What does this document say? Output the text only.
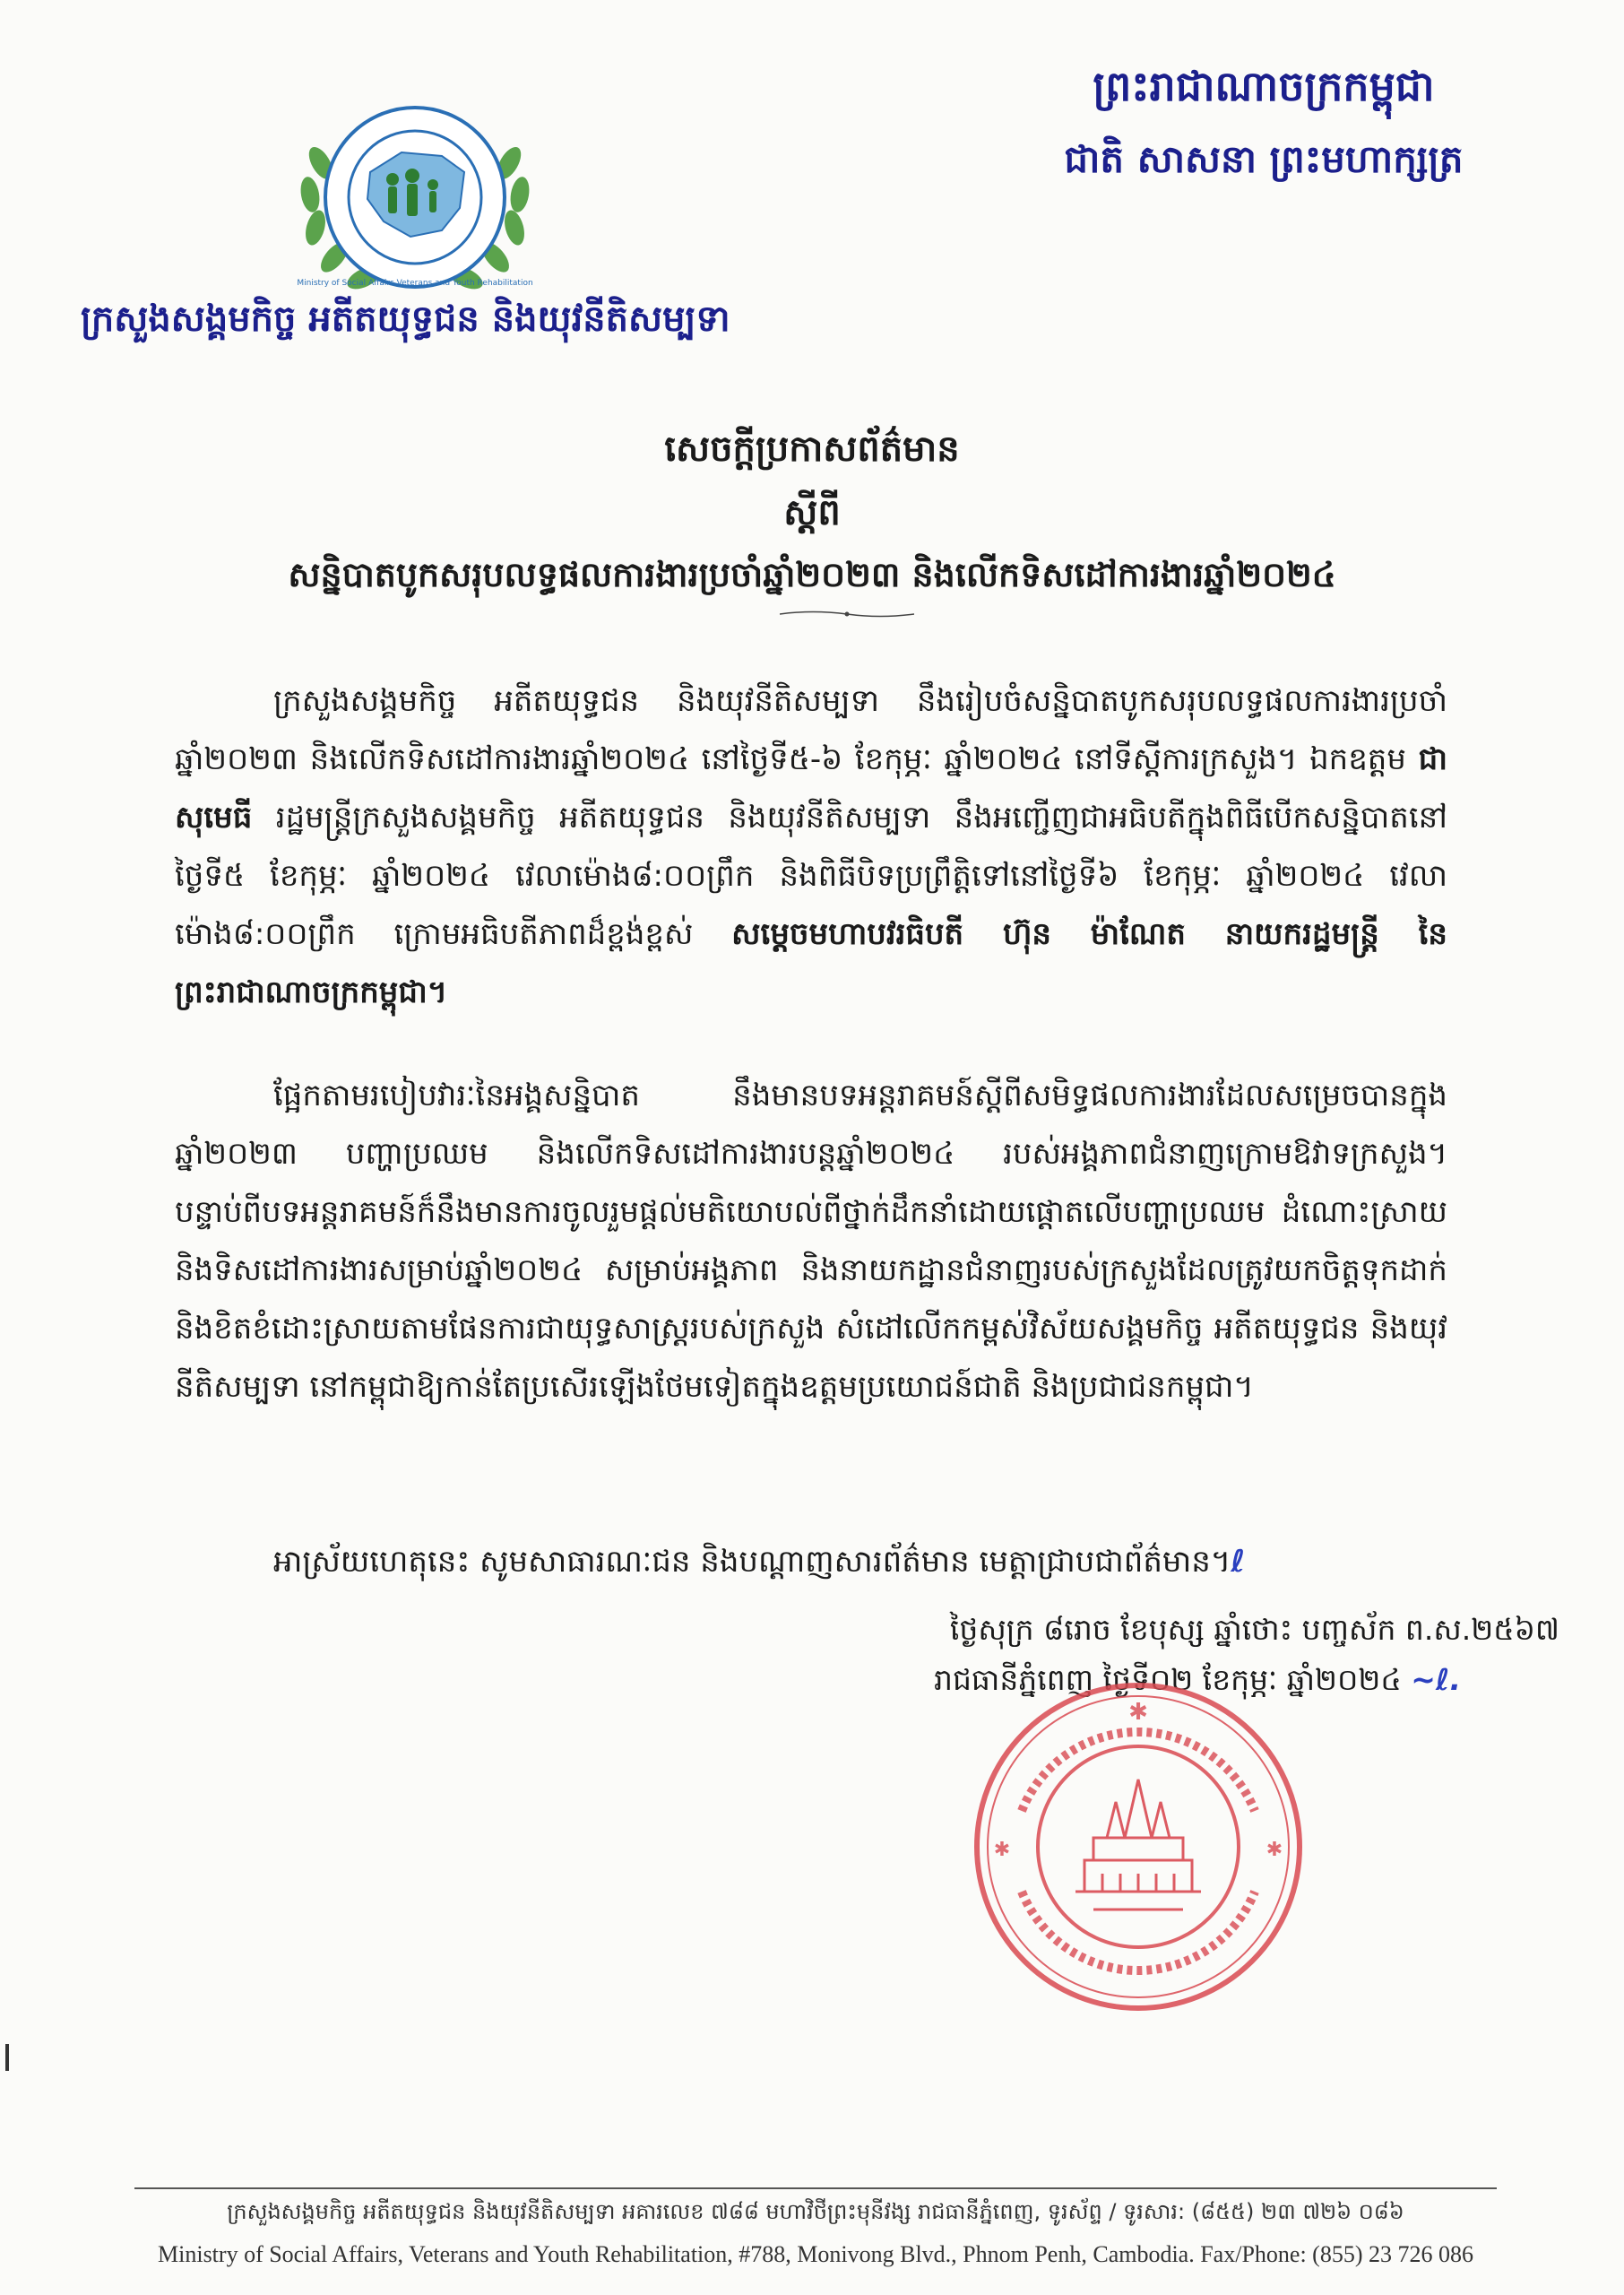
Ministry of Social Affairs Veterans and Youth Rehabilitation
ក្រសួងសង្គមកិច្ច អតីតយុទ្ធជន និងយុវនីតិសម្បទា
ព្រះរាជាណាចក្រកម្ពុជា
ជាតិ សាសនា ព្រះមហាក្សត្រ
សេចក្តីប្រកាសព័ត៌មាន
ស្តីពី
សន្និបាតបូកសរុបលទ្ធផលការងារប្រចាំឆ្នាំ២០២៣ និងលើកទិសដៅការងារឆ្នាំ២០២៤
ក្រសួងសង្គមកិច្ច អតីតយុទ្ធជន និងយុវនីតិសម្បទា នឹងរៀបចំសន្និបាតបូកសរុបលទ្ធផលការងារប្រចាំឆ្នាំ២០២៣ និងលើកទិសដៅការងារឆ្នាំ២០២៤ នៅថ្ងៃទី៥-៦ ខែកុម្ភៈ ឆ្នាំ២០២៤ នៅទីស្តីការក្រសួង។ ឯកឧត្តម ជា សុមេធី រដ្ឋមន្ត្រីក្រសួងសង្គមកិច្ច អតីតយុទ្ធជន និងយុវនីតិសម្បទា នឹងអញ្ជើញជាអធិបតីក្នុងពិធីបើកសន្និបាតនៅថ្ងៃទី៥ ខែកុម្ភៈ ឆ្នាំ២០២៤ វេលាម៉ោង៨:០០ព្រឹក និងពិធីបិទប្រព្រឹត្តិទៅនៅថ្ងៃទី៦ ខែកុម្ភៈ ឆ្នាំ២០២៤ វេលាម៉ោង៨:០០ព្រឹក ក្រោមអធិបតីភាពដ៏ខ្ពង់ខ្ពស់ សម្តេចមហាបវរធិបតី ហ៊ុន ម៉ាណែត នាយករដ្ឋមន្ត្រី នៃព្រះរាជាណាចក្រកម្ពុជា។
ផ្អែកតាមរបៀបវារៈនៃអង្គសន្និបាត នឹងមានបទអន្តរាគមន៍ស្តីពីសមិទ្ធផលការងារដែលសម្រេចបានក្នុងឆ្នាំ២០២៣ បញ្ហាប្រឈម និងលើកទិសដៅការងារបន្តឆ្នាំ២០២៤ របស់អង្គភាពជំនាញក្រោមឱវាទក្រសួង។ បន្ទាប់ពីបទអន្តរាគមន៍ក៏នឹងមានការចូលរួមផ្តល់មតិយោបល់ពីថ្នាក់ដឹកនាំដោយផ្តោតលើបញ្ហាប្រឈម ដំណោះស្រាយ និងទិសដៅការងារសម្រាប់ឆ្នាំ២០២៤ សម្រាប់អង្គភាព និងនាយកដ្ឋានជំនាញរបស់ក្រសួងដែលត្រូវយកចិត្តទុកដាក់ និងខិតខំដោះស្រាយតាមផែនការជាយុទ្ធសាស្ត្ររបស់ក្រសួង សំដៅលើកកម្ពស់វិស័យសង្គមកិច្ច អតីតយុទ្ធជន និងយុវនីតិសម្បទា នៅកម្ពុជាឱ្យកាន់តែប្រសើរឡើងថែមទៀតក្នុងឧត្តមប្រយោជន៍ជាតិ និងប្រជាជនកម្ពុជា។
អាស្រ័យហេតុនេះ សូមសាធារណៈជន និងបណ្តាញសារព័ត៌មាន មេត្តាជ្រាបជាព័ត៌មាន។ℓ
ថ្ងៃសុក្រ ៨រោច ខែបុស្ស ឆ្នាំថោះ បញ្ចស័ក ព.ស.២៥៦៧
រាជធានីភ្នំពេញ ថ្ងៃទី០២ ខែកុម្ភៈ ឆ្នាំ២០២៤ ~ℓ.
✱
✱	✱
ក្រសួងសង្គមកិច្ច អតីតយុទ្ធជន និងយុវនីតិសម្បទា អគារលេខ ៧៨៨ មហាវិថីព្រះមុនីវង្ស រាជធានីភ្នំពេញ, ទូរស័ព្ទ / ទូរសារ: (៨៥៥) ២៣ ៧២៦ ០៨៦
Ministry of Social Affairs, Veterans and Youth Rehabilitation, #788, Monivong Blvd., Phnom Penh, Cambodia. Fax/Phone: (855) 23 726 086
